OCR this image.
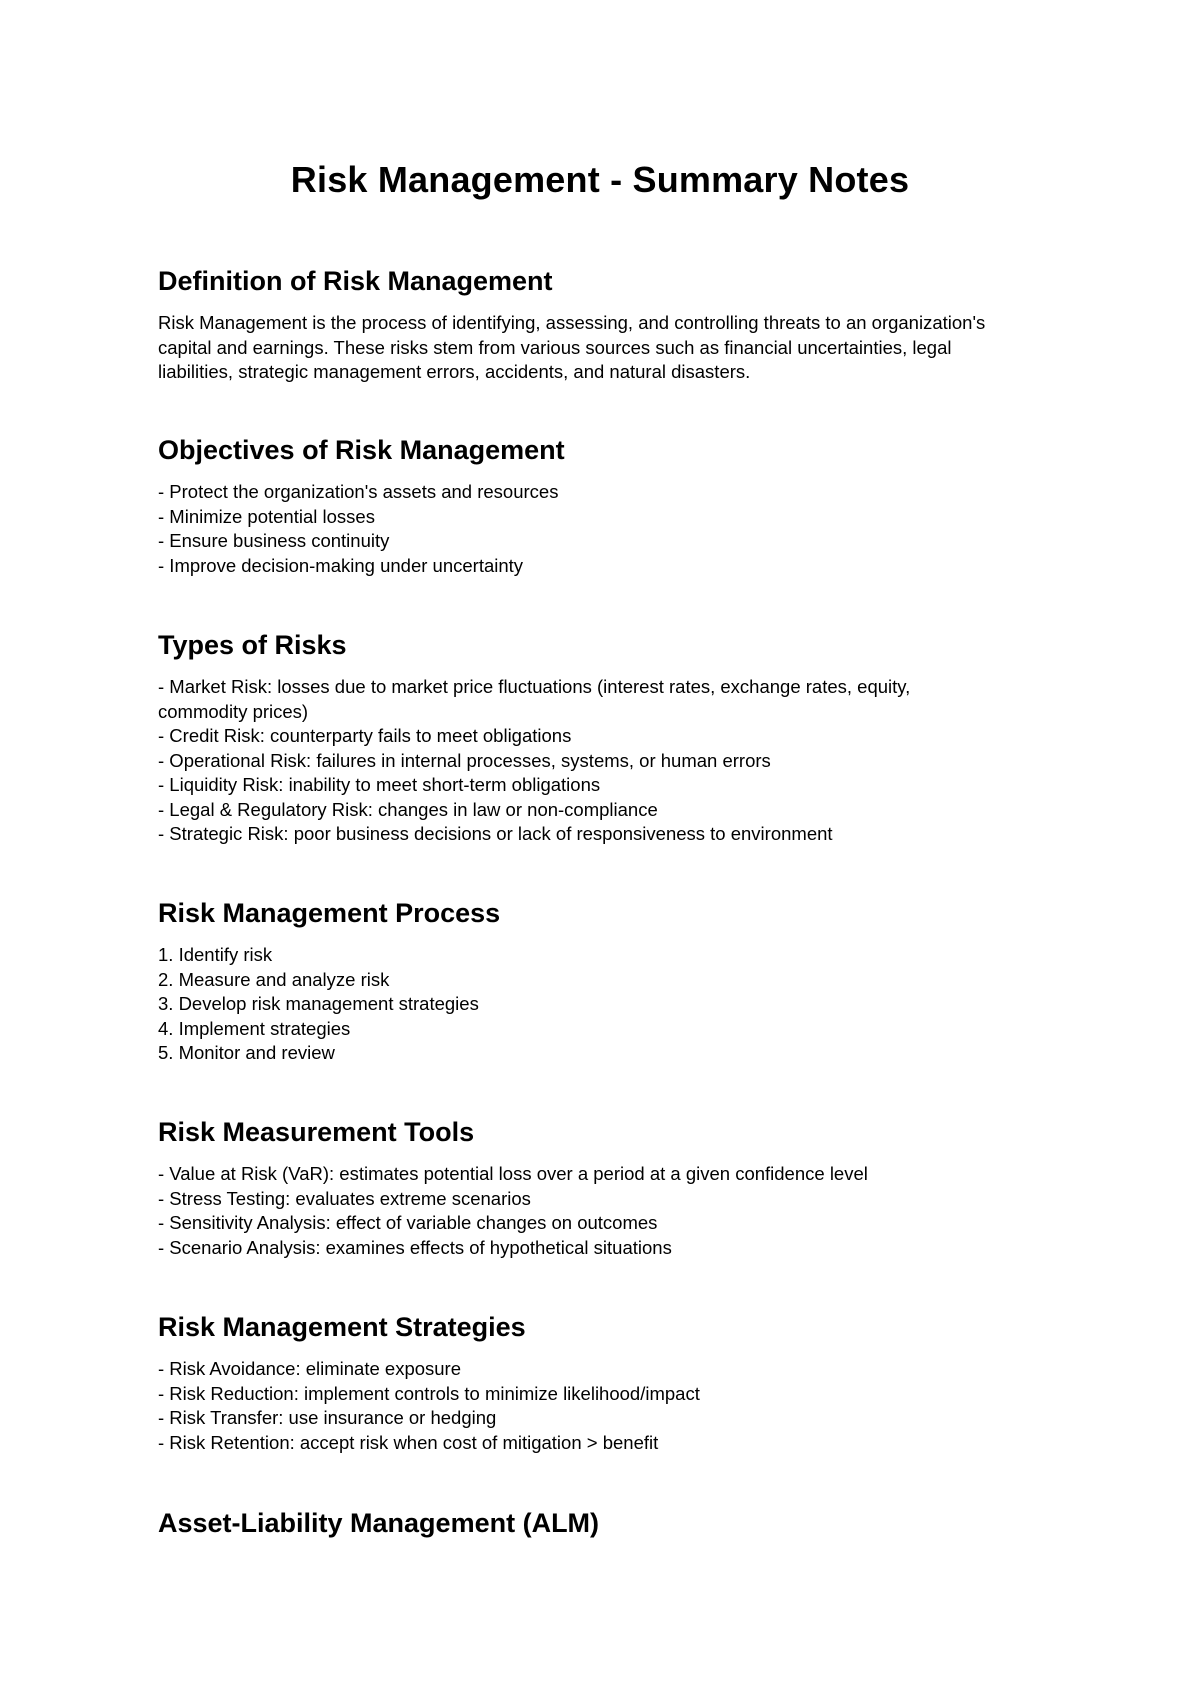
Risk Management - Summary Notes
Definition of Risk Management

Risk Management is the process of identifying, assessing, and controlling threats to an organization's capital and earnings. These risks stem from various sources such as financial uncertainties, legal liabilities, strategic management errors, accidents, and natural disasters.

Objectives of Risk Management
- Protect the organization's assets and resources
- Minimize potential losses
- Ensure business continuity
- Improve decision-making under uncertainty
Types of Risks
- Market Risk: losses due to market price fluctuations (interest rates, exchange rates, equity, commodity prices)
- Credit Risk: counterparty fails to meet obligations
- Operational Risk: failures in internal processes, systems, or human errors
- Liquidity Risk: inability to meet short-term obligations
- Legal & Regulatory Risk: changes in law or non-compliance
- Strategic Risk: poor business decisions or lack of responsiveness to environment
Risk Management Process
1. Identify risk
2. Measure and analyze risk
3. Develop risk management strategies
4. Implement strategies
5. Monitor and review
Risk Measurement Tools
- Value at Risk (VaR): estimates potential loss over a period at a given confidence level
- Stress Testing: evaluates extreme scenarios
- Sensitivity Analysis: effect of variable changes on outcomes
- Scenario Analysis: examines effects of hypothetical situations
Risk Management Strategies
- Risk Avoidance: eliminate exposure
- Risk Reduction: implement controls to minimize likelihood/impact
- Risk Transfer: use insurance or hedging
- Risk Retention: accept risk when cost of mitigation > benefit
Asset-Liability Management (ALM)
